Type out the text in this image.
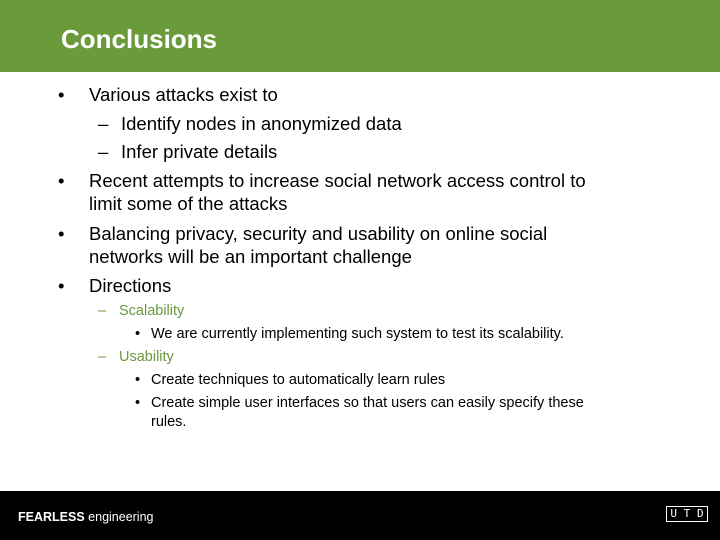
Conclusions
• Various attacks exist to
– Identify nodes in anonymized data
– Infer private details
• Recent attempts to increase social network access control to
limit some of the attacks
• Balancing privacy, security and usability on online social
networks will be an important challenge
• Directions
– Scalability
• We are currently implementing such system to test its scalability.
– Usability
• Create techniques to automatically learn rules
• Create simple user interfaces so that users can easily specify these
rules.
FEARLESS engineering	U T D
